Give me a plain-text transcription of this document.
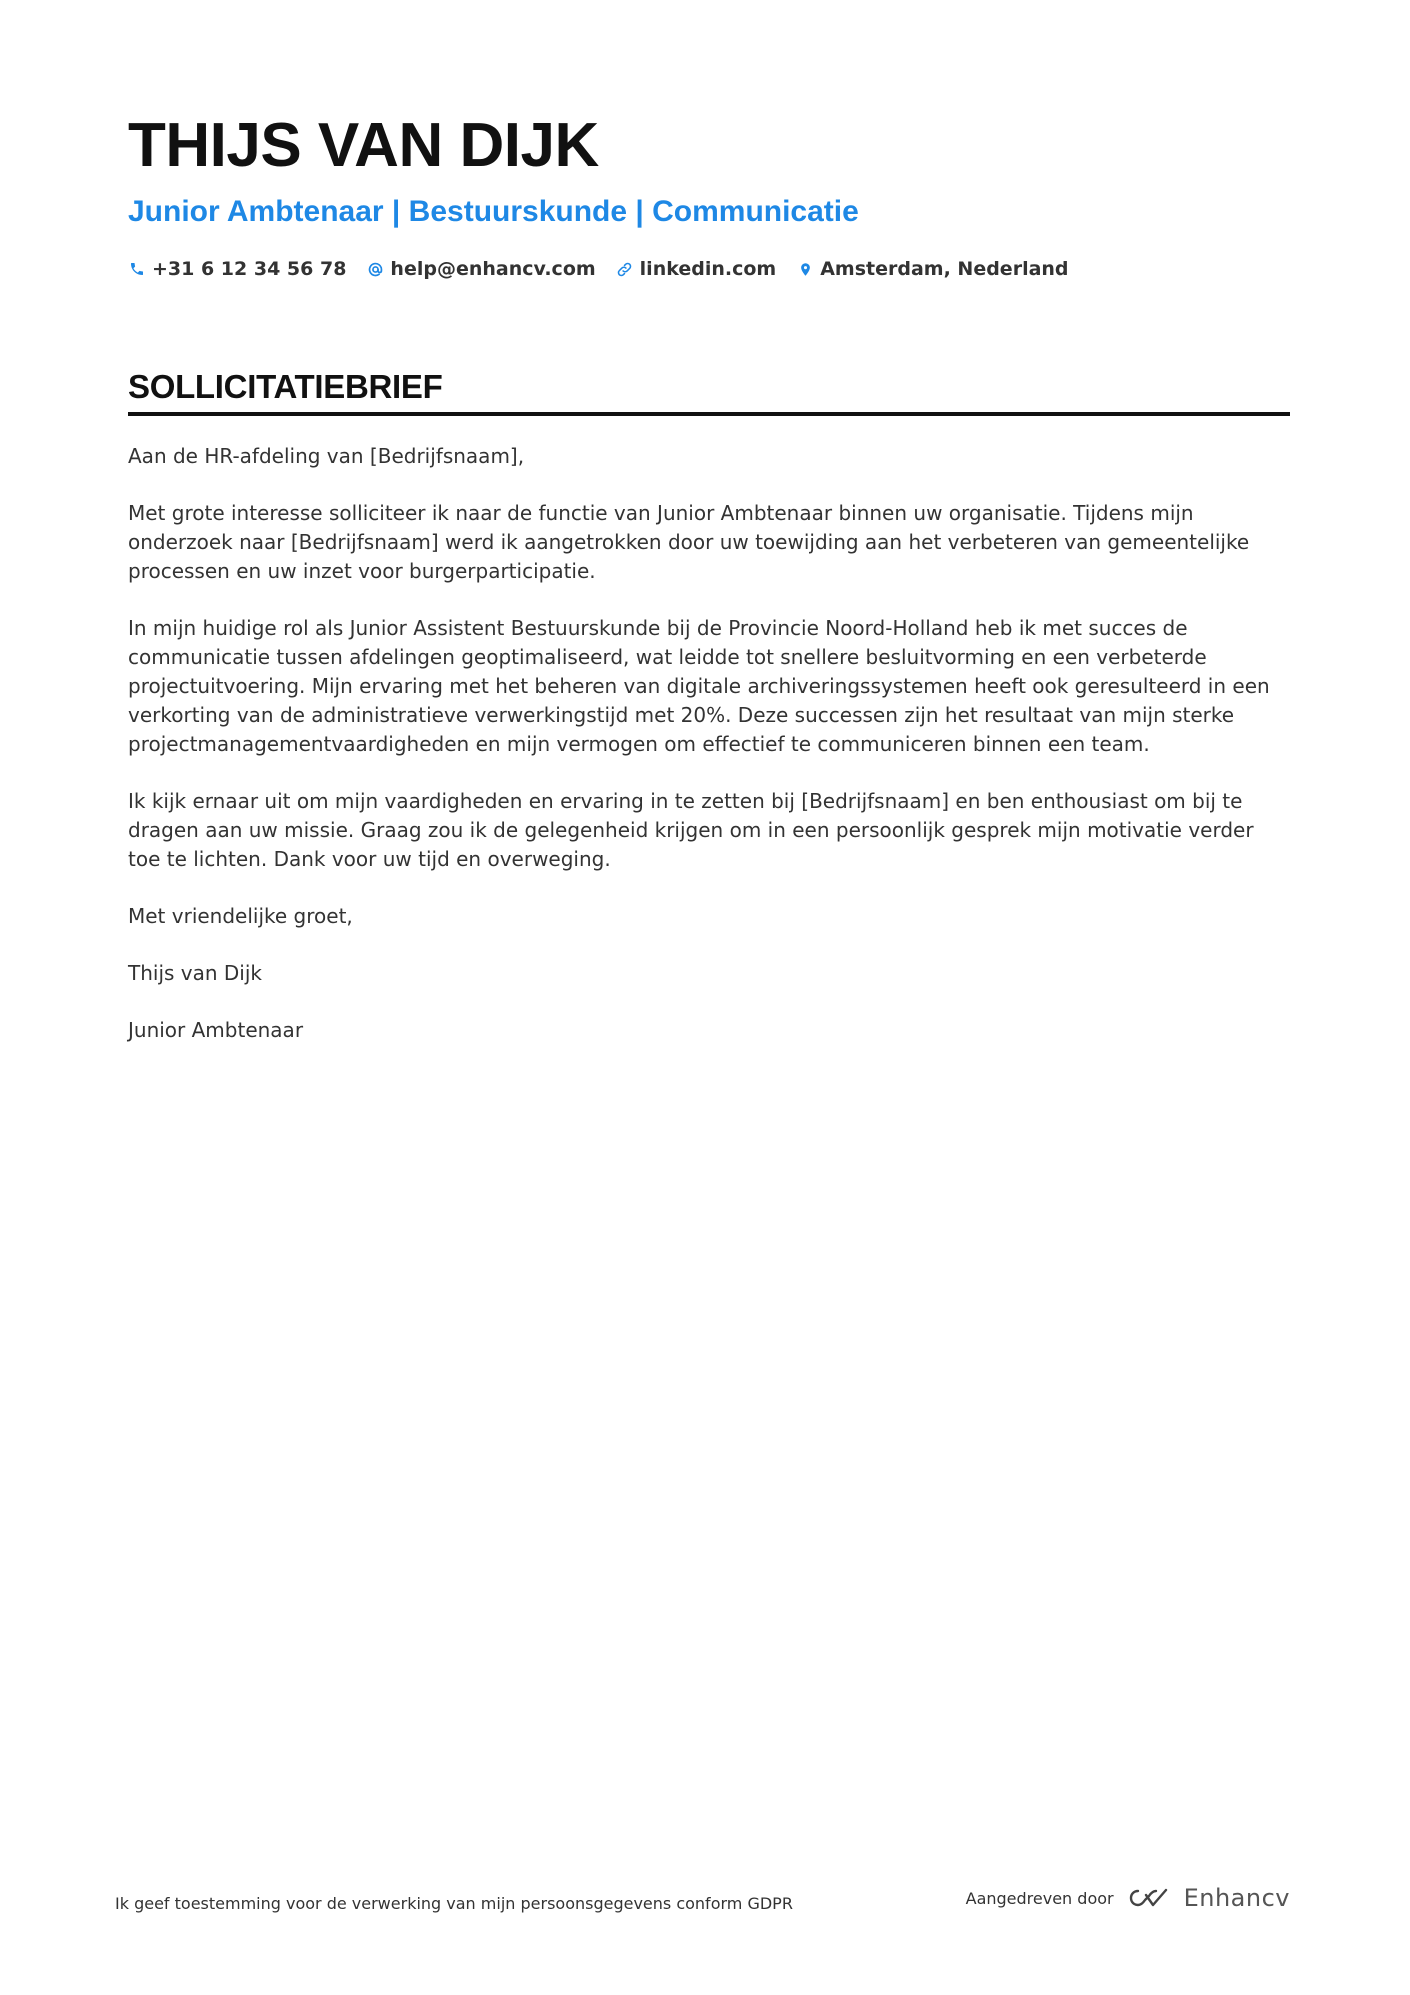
THIJS VAN DIJK
Junior Ambtenaar | Bestuurskunde | Communicatie
+31 6 12 34 56 78 help@enhancv.com linkedin.com Amsterdam, Nederland
SOLLICITATIEBRIEF

Aan de HR-afdeling van [Bedrijfsnaam],

Met grote interesse solliciteer ik naar de functie van Junior Ambtenaar binnen uw organisatie. Tijdens mijn onderzoek naar [Bedrijfsnaam] werd ik aangetrokken door uw toewijding aan het verbeteren van gemeentelijke processen en uw inzet voor burgerparticipatie.

In mijn huidige rol als Junior Assistent Bestuurskunde bij de Provincie Noord-Holland heb ik met succes de communicatie tussen afdelingen geoptimaliseerd, wat leidde tot snellere besluitvorming en een verbeterde projectuitvoering. Mijn ervaring met het beheren van digitale archiveringssystemen heeft ook geresulteerd in een verkorting van de administratieve verwerkingstijd met 20%. Deze successen zijn het resultaat van mijn sterke projectmanagementvaardigheden en mijn vermogen om effectief te communiceren binnen een team.

Ik kijk ernaar uit om mijn vaardigheden en ervaring in te zetten bij [Bedrijfsnaam] en ben enthousiast om bij te dragen aan uw missie. Graag zou ik de gelegenheid krijgen om in een persoonlijk gesprek mijn motivatie verder toe te lichten. Dank voor uw tijd en overweging.

Met vriendelijke groet,

Thijs van Dijk

Junior Ambtenaar

Ik geef toestemming voor de verwerking van mijn persoonsgegevens conform GDPR	Aangedreven door	Enhancv
